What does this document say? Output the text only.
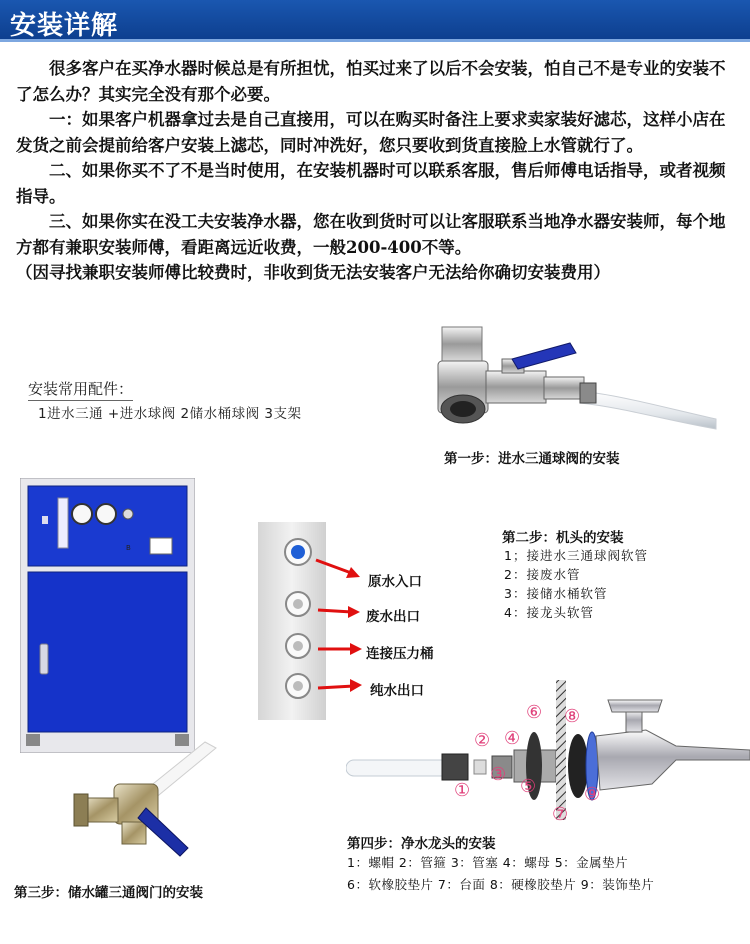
安装详解

很多客户在买净水器时候总是有所担忧，怕买过来了以后不会安装，怕自己不是专业的安装不了怎么办？其实完全没有那个必要。

一：如果客户机器拿过去是自己直接用，可以在购买时备注上要求卖家装好滤芯，这样小店在发货之前会提前给客户安装上滤芯，同时冲洗好，您只要收到货直接脸上水管就行了。

二、如果你买不了不是当时使用，在安装机器时可以联系客服，售后师傅电话指导，或者视频指导。

三、如果你实在没工夫安装净水器，您在收到货时可以让客服联系当地净水器安装师，每个地方都有兼职安装师傅，看距离远近收费，一般200-400不等。

（因寻找兼职安装师傅比较费时，非收到货无法安装客户无法给你确切安装费用）

安装常用配件：
1进水三通 +进水球阀 2储水桶球阀 3支架
第一步：进水三通球阀的安装
B
第三步：储水罐三通阀门的安装
原水入口
废水出口
连接压力桶
纯水出口
第二步：机头的安装
1；接进水三通球阀软管
2：接废水管
3：接储水桶软管
4：接龙头软管
①
②
③
④
⑤
⑥
⑦
⑧
⑨
第四步：净水龙头的安装
1：螺帽 2：管箍 3：管塞 4：螺母 5：金属垫片
6：软橡胶垫片 7：台面 8：硬橡胶垫片 9：装饰垫片
